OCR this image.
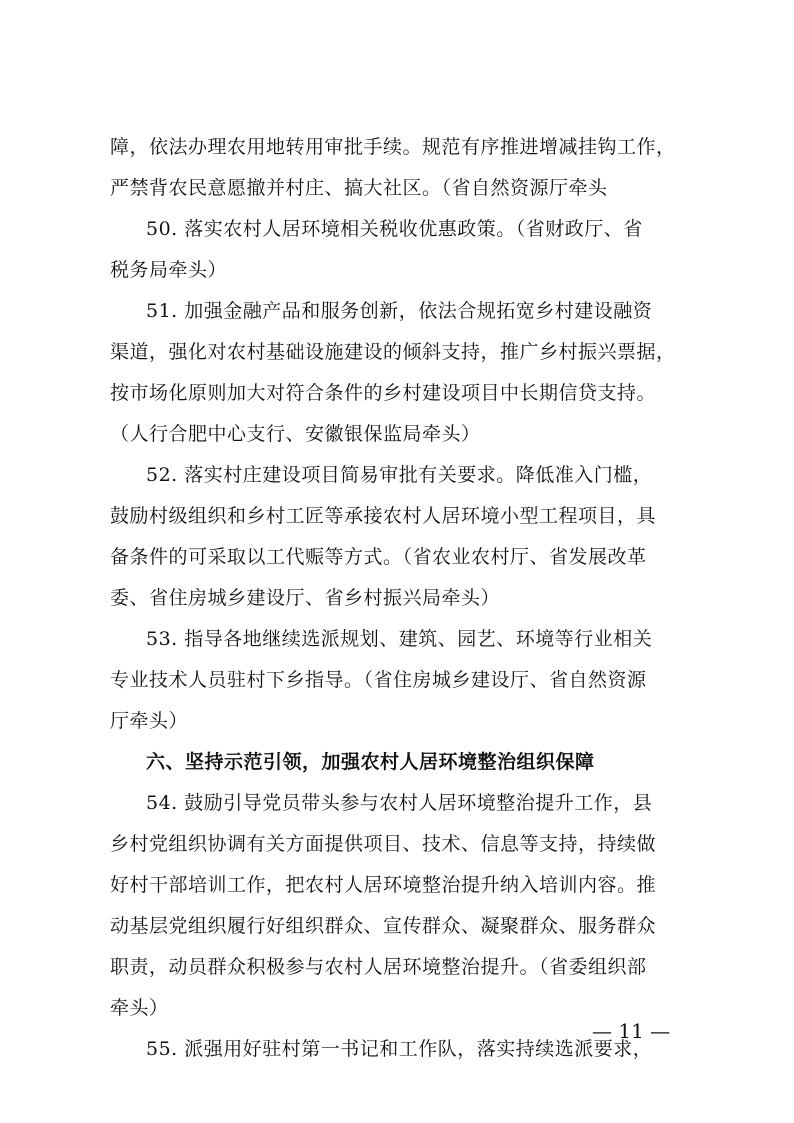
障，依法办理农用地转用审批手续。规范有序推进增减挂钩工作，
严禁背农民意愿撤并村庄、搞大社区。（省自然资源厅牵头
50. 落实农村人居环境相关税收优惠政策。（省财政厅、省
税务局牵头）
51. 加强金融产品和服务创新，依法合规拓宽乡村建设融资
渠道，强化对农村基础设施建设的倾斜支持，推广乡村振兴票据，
按市场化原则加大对符合条件的乡村建设项目中长期信贷支持。
（人行合肥中心支行、安徽银保监局牵头）
52. 落实村庄建设项目简易审批有关要求。降低准入门槛，
鼓励村级组织和乡村工匠等承接农村人居环境小型工程项目，具
备条件的可采取以工代赈等方式。（省农业农村厅、省发展改革
委、省住房城乡建设厅、省乡村振兴局牵头）
53. 指导各地继续选派规划、建筑、园艺、环境等行业相关
专业技术人员驻村下乡指导。（省住房城乡建设厅、省自然资源
厅牵头）
六、坚持示范引领，加强农村人居环境整治组织保障
54. 鼓励引导党员带头参与农村人居环境整治提升工作，县
乡村党组织协调有关方面提供项目、技术、信息等支持，持续做
好村干部培训工作，把农村人居环境整治提升纳入培训内容。推
动基层党组织履行好组织群众、宣传群众、凝聚群众、服务群众
职责，动员群众积极参与农村人居环境整治提升。（省委组织部
牵头）
55. 派强用好驻村第一书记和工作队，落实持续选派要求，
— 11 —
